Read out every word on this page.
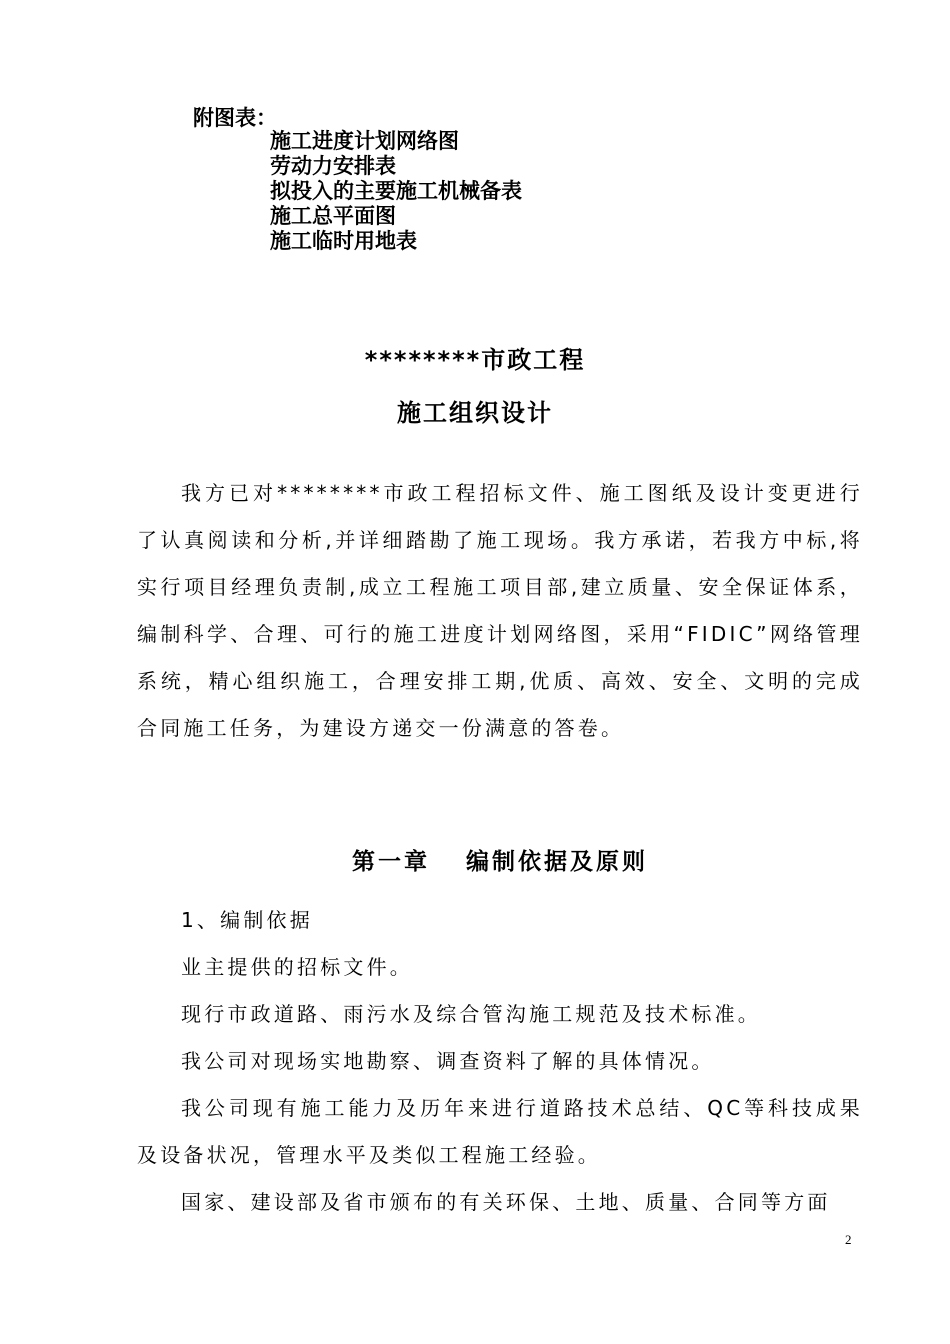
附图表：
施工进度计划网络图
劳动力安排表
拟投入的主要施工机械备表
施工总平面图
施工临时用地表
********市政工程
施工组织设计

我方已对********市政工程招标文件、施工图纸及设计变更进行了认真阅读和分析,并详细踏勘了施工现场。我方承诺，若我方中标,将实行项目经理负责制,成立工程施工项目部,建立质量、安全保证体系，编制科学、合理、可行的施工进度计划网络图，采用“FIDIC”网络管理系统，精心组织施工，合理安排工期,优质、高效、安全、文明的完成合同施工任务，为建设方递交一份满意的答卷。

第一章 编制依据及原则

1、编制依据

业主提供的招标文件。

现行市政道路、雨污水及综合管沟施工规范及技术标准。

我公司对现场实地勘察、调查资料了解的具体情况。

我公司现有施工能力及历年来进行道路技术总结、QC等科技成果及设备状况，管理水平及类似工程施工经验。

国家、建设部及省市颁布的有关环保、土地、质量、合同等方面

2
